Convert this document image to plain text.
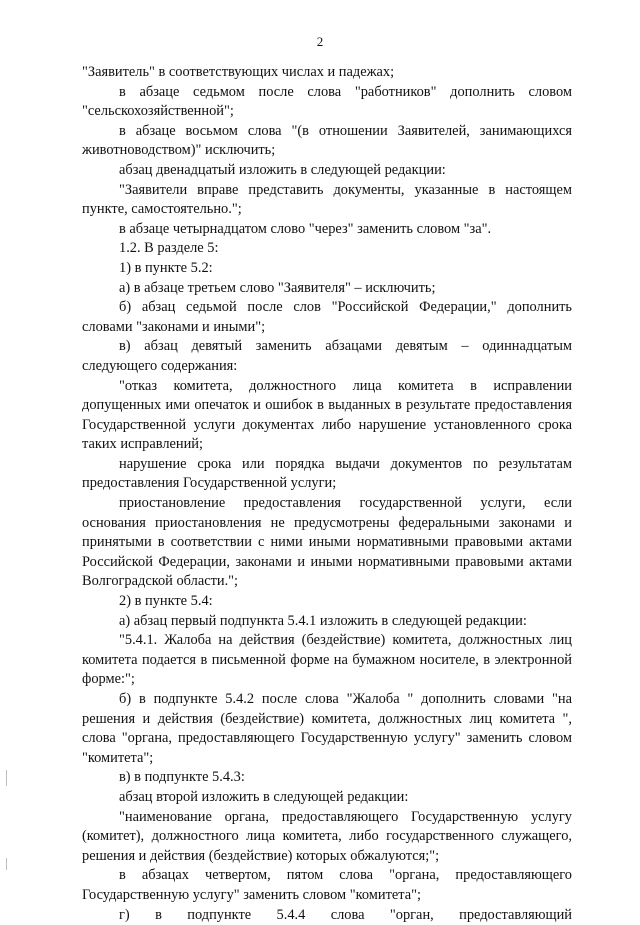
2

"Заявитель" в соответствующих числах и падежах;

в абзаце седьмом после слова "работников" дополнить словом "сельскохозяйственной";

в абзаце восьмом слова "(в отношении Заявителей, занимающихся животноводством)" исключить;

абзац двенадцатый изложить в следующей редакции:

"Заявители вправе представить документы, указанные в настоящем пункте, самостоятельно.";

в абзаце четырнадцатом слово "через" заменить словом "за".

1.2. В разделе 5:

1) в пункте 5.2:

а) в абзаце третьем слово "Заявителя" – исключить;

б) абзац седьмой после слов "Российской Федерации," дополнить словами "законами и иными";

в) абзац девятый заменить абзацами девятым – одиннадцатым следующего содержания:

"отказ комитета, должностного лица комитета в исправлении допущенных ими опечаток и ошибок в выданных в результате предоставления Государственной услуги документах либо нарушение установленного срока таких исправлений;

нарушение срока или порядка выдачи документов по результатам предоставления Государственной услуги;

приостановление предоставления государственной услуги, если основания приостановления не предусмотрены федеральными законами и принятыми в соответствии с ними иными нормативными правовыми актами Российской Федерации, законами и иными нормативными правовыми актами Волгоградской области.";

2) в пункте 5.4:

а) абзац первый подпункта 5.4.1 изложить в следующей редакции:

"5.4.1. Жалоба на действия (бездействие) комитета, должностных лиц комитета подается в письменной форме на бумажном носителе, в электронной форме:";

б) в подпункте 5.4.2 после слова "Жалоба " дополнить словами "на решения и действия (бездействие) комитета, должностных лиц комитета ", слова "органа, предоставляющего Государственную услугу" заменить словом "комитета";

в) в подпункте 5.4.3:

абзац второй изложить в следующей редакции:

"наименование органа, предоставляющего Государственную услугу (комитет), должностного лица комитета, либо государственного служащего, решения и действия (бездействие) которых обжалуются;";

в абзацах четвертом, пятом слова "органа, предоставляющего Государственную услугу" заменить словом "комитета";

г) в подпункте 5.4.4 слова "орган, предоставляющий
